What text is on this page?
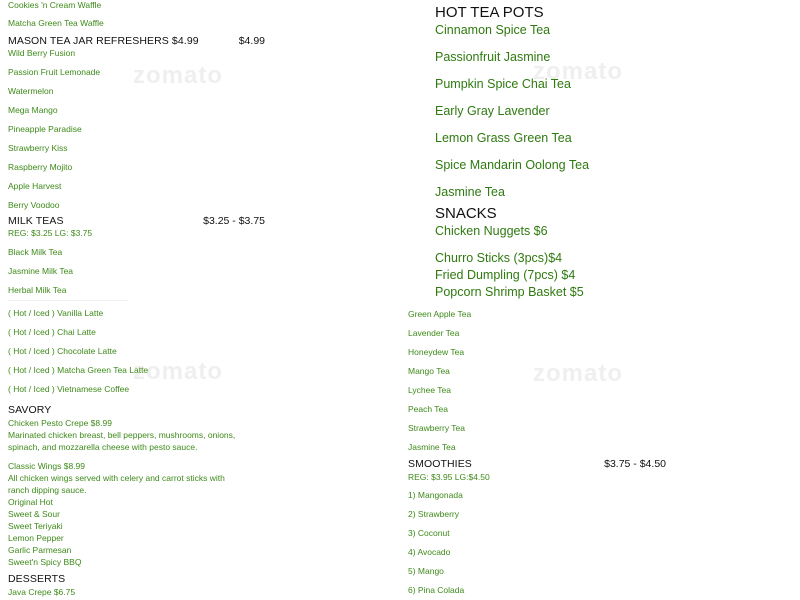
zomato	zomato
zomato	zomato
Cookies 'n Cream Waffle
Matcha Green Tea Waffle
MASON TEA JAR REFRESHERS $4.99	$4.99
Wild Berry Fusion
Passion Fruit Lemonade
Watermelon
Mega Mango
Pineapple Paradise
Strawberry Kiss
Raspberry Mojito
Apple Harvest
Berry Voodoo
MILK TEAS	$3.25 - $3.75
REG: $3.25 LG: $3.75
Black Milk Tea
Jasmine Milk Tea
Herbal Milk Tea
( Hot / Iced ) Vanilla Latte
( Hot / Iced ) Chai Latte
( Hot / Iced ) Chocolate Latte
( Hot / Iced ) Matcha Green Tea Latte
( Hot / Iced ) Vietnamese Coffee
SAVORY
Chicken Pesto Crepe $8.99
Marinated chicken breast, bell peppers, mushrooms, onions,
spinach, and mozzarella cheese with pesto sauce.
Classic Wings $8.99
All chicken wings served with celery and carrot sticks with
ranch dipping sauce.
Original Hot
Sweet & Sour
Sweet Teriyaki
Lemon Pepper
Garlic Parmesan
Sweet'n Spicy BBQ
DESSERTS
Java Crepe $6.75
HOT TEA POTS
Cinnamon Spice Tea
Passionfruit Jasmine
Pumpkin Spice Chai Tea
Early Gray Lavender
Lemon Grass Green Tea
Spice Mandarin Oolong Tea
Jasmine Tea
SNACKS
Chicken Nuggets $6
Churro Sticks (3pcs)$4
Fried Dumpling (7pcs) $4
Popcorn Shrimp Basket $5
Green Apple Tea
Lavender Tea
Honeydew Tea
Mango Tea
Lychee Tea
Peach Tea
Strawberry Tea
Jasmine Tea
SMOOTHIES	$3.75 - $4.50
REG: $3.95 LG:$4.50
1) Mangonada
2) Strawberry
3) Coconut
4) Avocado
5) Mango
6) Pina Colada
